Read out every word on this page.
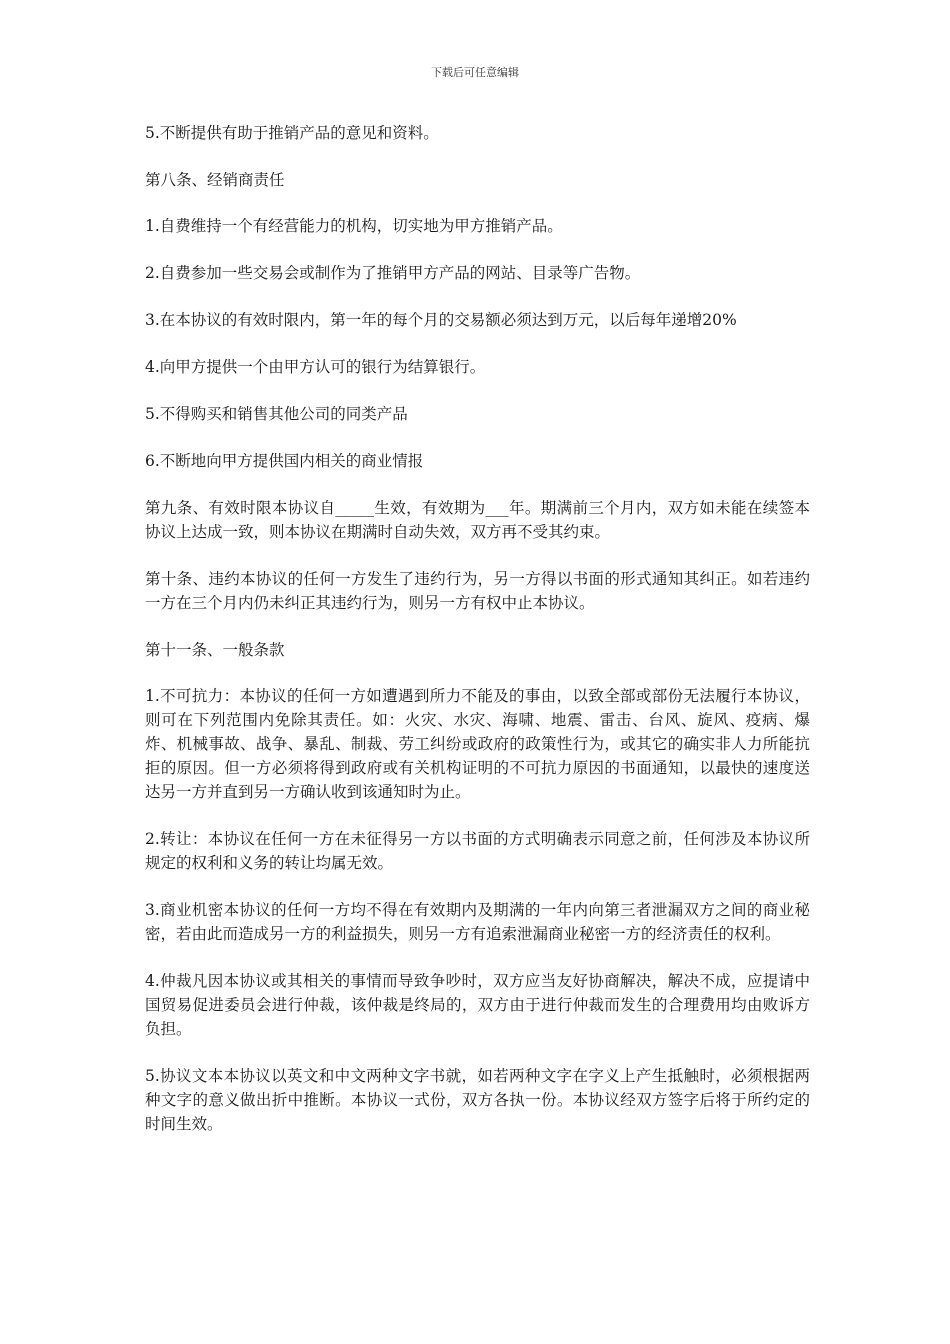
下载后可任意编辑

5.不断提供有助于推销产品的意见和资料。

第八条、经销商责任

1.自费维持一个有经营能力的机构，切实地为甲方推销产品。

2.自费参加一些交易会或制作为了推销甲方产品的网站、目录等广告物。

3.在本协议的有效时限内，第一年的每个月的交易额必须达到万元，以后每年递增20%

4.向甲方提供一个由甲方认可的银行为结算银行。

5.不得购买和销售其他公司的同类产品

6.不断地向甲方提供国内相关的商业情报

第九条、有效时限本协议自_____生效，有效期为___年。期满前三个月内，双方如未能在续签本协议上达成一致，则本协议在期满时自动失效，双方再不受其约束。

第十条、违约本协议的任何一方发生了违约行为，另一方得以书面的形式通知其纠正。如若违约一方在三个月内仍未纠正其违约行为，则另一方有权中止本协议。

第十一条、一般条款

1.不可抗力：本协议的任何一方如遭遇到所力不能及的事由，以致全部或部份无法履行本协议，则可在下列范围内免除其责任。如：火灾、水灾、海啸、地震、雷击、台风、旋风、疫病、爆炸、机械事故、战争、暴乱、制裁、劳工纠纷或政府的政策性行为，或其它的确实非人力所能抗拒的原因。但一方必须将得到政府或有关机构证明的不可抗力原因的书面通知，以最快的速度送达另一方并直到另一方确认收到该通知时为止。

2.转让：本协议在任何一方在未征得另一方以书面的方式明确表示同意之前，任何涉及本协议所规定的权利和义务的转让均属无效。

3.商业机密本协议的任何一方均不得在有效期内及期满的一年内向第三者泄漏双方之间的商业秘密，若由此而造成另一方的利益损失，则另一方有追索泄漏商业秘密一方的经济责任的权利。

4.仲裁凡因本协议或其相关的事情而导致争吵时，双方应当友好协商解决，解决不成，应提请中国贸易促进委员会进行仲裁，该仲裁是终局的，双方由于进行仲裁而发生的合理费用均由败诉方负担。

5.协议文本本协议以英文和中文两种文字书就，如若两种文字在字义上产生抵触时，必须根据两种文字的意义做出折中推断。本协议一式份，双方各执一份。本协议经双方签字后将于所约定的时间生效。
